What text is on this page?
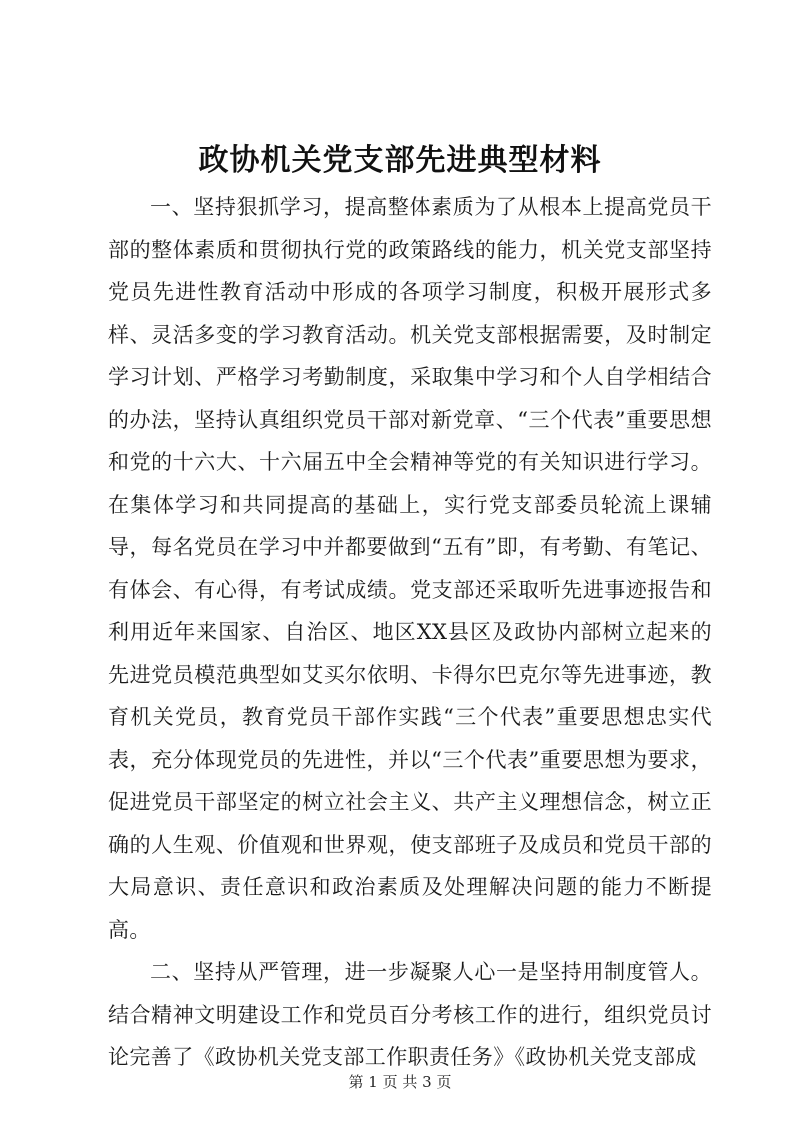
政协机关党支部先进典型材料

一、坚持狠抓学习，提高整体素质为了从根本上提高党员干部的整体素质和贯彻执行党的政策路线的能力，机关党支部坚持党员先进性教育活动中形成的各项学习制度，积极开展形式多样、灵活多变的学习教育活动。机关党支部根据需要，及时制定学习计划、严格学习考勤制度，采取集中学习和个人自学相结合的办法，坚持认真组织党员干部对新党章、“三个代表”重要思想和党的十六大、十六届五中全会精神等党的有关知识进行学习。在集体学习和共同提高的基础上，实行党支部委员轮流上课辅导，每名党员在学习中并都要做到“五有”即，有考勤、有笔记、有体会、有心得，有考试成绩。党支部还采取听先进事迹报告和利用近年来国家、自治区、地区XX县区及政协内部树立起来的先进党员模范典型如艾买尔依明、卡得尔巴克尔等先进事迹，教育机关党员，教育党员干部作实践“三个代表”重要思想忠实代表，充分体现党员的先进性，并以“三个代表”重要思想为要求，促进党员干部坚定的树立社会主义、共产主义理想信念，树立正确的人生观、价值观和世界观，使支部班子及成员和党员干部的大局意识、责任意识和政治素质及处理解决问题的能力不断提高。

二、坚持从严管理，进一步凝聚人心一是坚持用制度管人。结合精神文明建设工作和党员百分考核工作的进行，组织党员讨论完善了《政协机关党支部工作职责任务》《政协机关党支部成

第 1 页 共 3 页
